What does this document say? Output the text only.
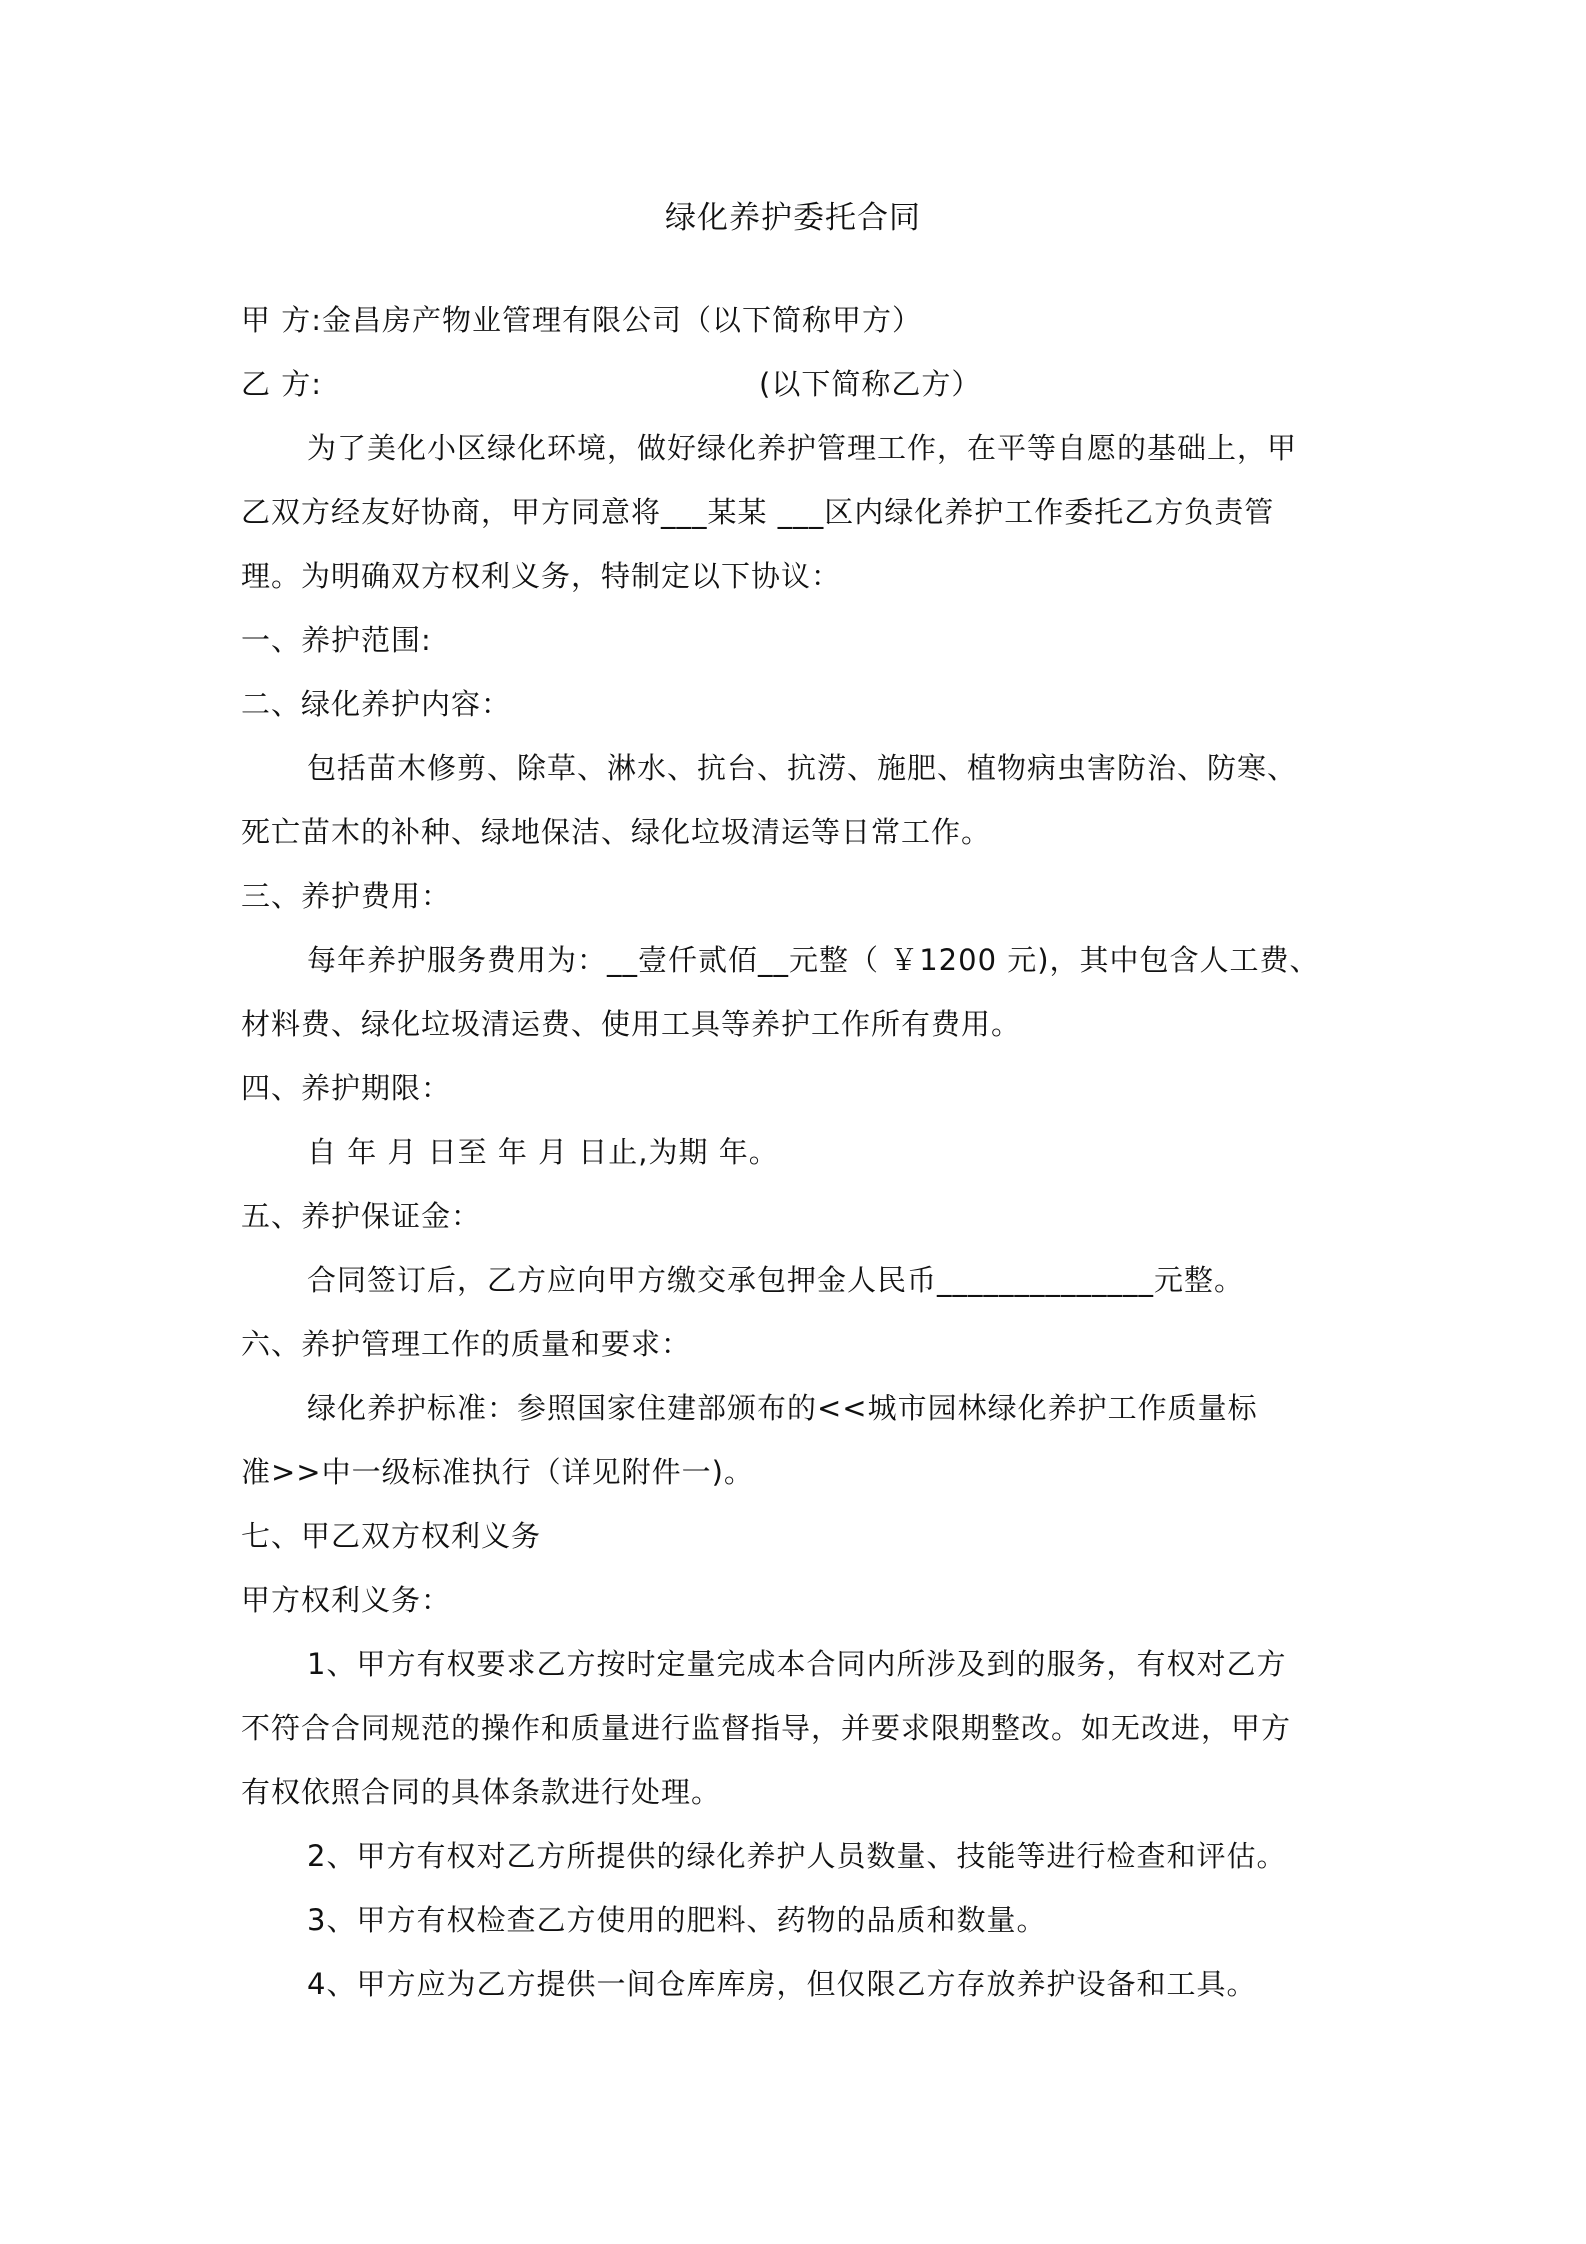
绿化养护委托合同

甲 方:金昌房产物业管理有限公司（以下简称甲方）

乙 方:	(以下简称乙方）

为了美化小区绿化环境，做好绿化养护管理工作，在平等自愿的基础上，甲

乙双方经友好协商，甲方同意将___某某 ___区内绿化养护工作委托乙方负责管

理。为明确双方权利义务，特制定以下协议：

一、养护范围:

二、绿化养护内容：

包括苗木修剪、除草、淋水、抗台、抗涝、施肥、植物病虫害防治、防寒、

死亡苗木的补种、绿地保洁、绿化垃圾清运等日常工作。

三、养护费用：

每年养护服务费用为：__壹仟贰佰__元整（ ￥1200 元)，其中包含人工费、

材料费、绿化垃圾清运费、使用工具等养护工作所有费用。

四、养护期限：

自 年 月 日至 年 月 日止,为期 年。

五、养护保证金：

合同签订后，乙方应向甲方缴交承包押金人民币______________元整。

六、养护管理工作的质量和要求：

绿化养护标准：参照国家住建部颁布的<<城市园林绿化养护工作质量标

准>>中一级标准执行（详见附件一)。

七、甲乙双方权利义务

甲方权利义务：

1、甲方有权要求乙方按时定量完成本合同内所涉及到的服务，有权对乙方

不符合合同规范的操作和质量进行监督指导，并要求限期整改。如无改进，甲方

有权依照合同的具体条款进行处理。

2、甲方有权对乙方所提供的绿化养护人员数量、技能等进行检查和评估。

3、甲方有权检查乙方使用的肥料、药物的品质和数量。

4、甲方应为乙方提供一间仓库库房，但仅限乙方存放养护设备和工具。
